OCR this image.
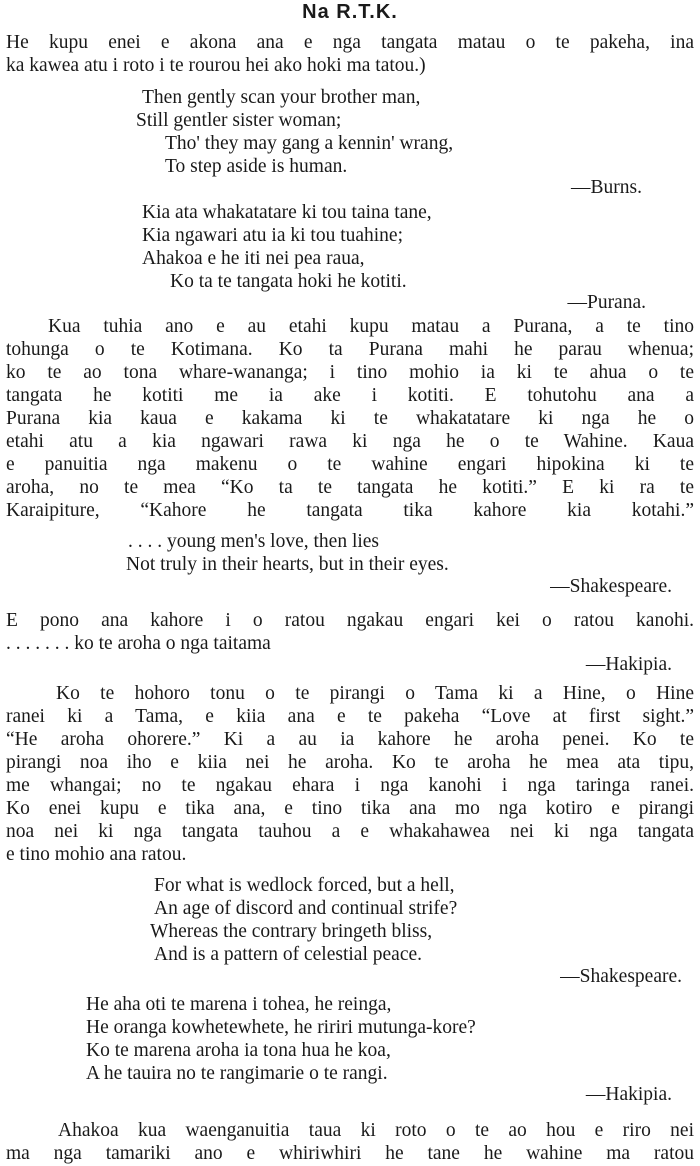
Na R.T.K.
He kupu enei e akona ana e nga tangata matau o te pakeha, ina
ka kawea atu i roto i te rourou hei ako hoki ma tatou.)
Then gently scan your brother man,
Still gentler sister woman;
Tho' they may gang a kennin' wrang,
To step aside is human.
—Burns.
Kia ata whakatatare ki tou taina tane,
Kia ngawari atu ia ki tou tuahine;
Ahakoa e he iti nei pea raua,
Ko ta te tangata hoki he kotiti.
—Purana.
Kua tuhia ano e au etahi kupu matau a Purana, a te tino
tohunga o te Kotimana. Ko ta Purana mahi he parau whenua;
ko te ao tona whare-wananga; i tino mohio ia ki te ahua o te
tangata he kotiti me ia ake i kotiti. E tohutohu ana a
Purana kia kaua e kakama ki te whakatatare ki nga he o
etahi atu a kia ngawari rawa ki nga he o te Wahine. Kaua
e panuitia nga makenu o te wahine engari hipokina ki te
aroha, no te mea “Ko ta te tangata he kotiti.” E ki ra te
Karaipiture, “Kahore he tangata tika kahore kia kotahi.”
. . . . young men's love, then lies
Not truly in their hearts, but in their eyes.
—Shakespeare.
E pono ana kahore i o ratou ngakau engari kei o ratou kanohi.
. . . . . . . ko te aroha o nga taitama
—Hakipia.
Ko te hohoro tonu o te pirangi o Tama ki a Hine, o Hine
ranei ki a Tama, e kiia ana e te pakeha “Love at first sight.”
“He aroha ohorere.” Ki a au ia kahore he aroha penei. Ko te
pirangi noa iho e kiia nei he aroha. Ko te aroha he mea ata tipu,
me whangai; no te ngakau ehara i nga kanohi i nga taringa ranei.
Ko enei kupu e tika ana, e tino tika ana mo nga kotiro e pirangi
noa nei ki nga tangata tauhou a e whakahawea nei ki nga tangata
e tino mohio ana ratou.
For what is wedlock forced, but a hell,
An age of discord and continual strife?
Whereas the contrary bringeth bliss,
And is a pattern of celestial peace.
—Shakespeare.
He aha oti te marena i tohea, he reinga,
He oranga kowhetewhete, he ririri mutunga-kore?
Ko te marena aroha ia tona hua he koa,
A he tauira no te rangimarie o te rangi.
—Hakipia.
Ahakoa kua waenganuitia taua ki roto o te ao hou e riro nei
ma nga tamariki ano e whiriwhiri he tane he wahine ma ratou
